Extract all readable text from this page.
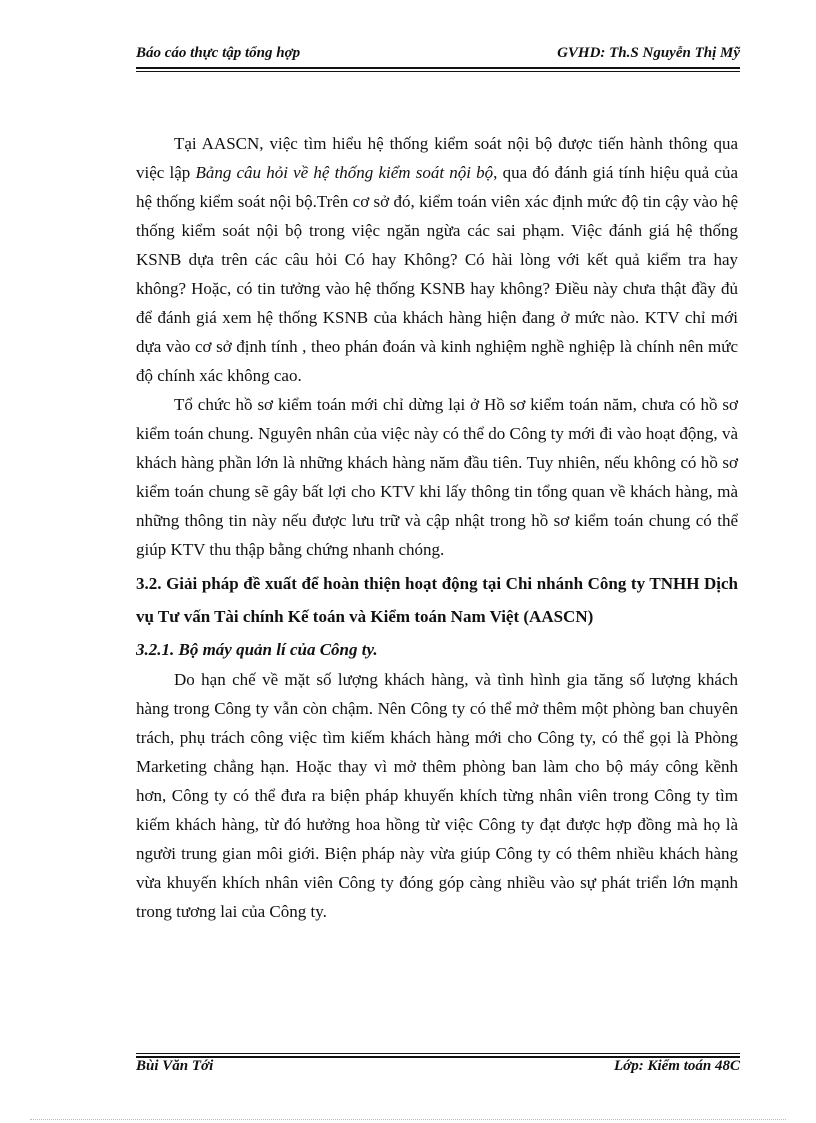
Báo cáo thực tập tổng hợp	GVHD: Th.S Nguyễn Thị Mỹ

Tại AASCN, việc tìm hiểu hệ thống kiểm soát nội bộ được tiến hành thông qua việc lập Bảng câu hỏi về hệ thống kiểm soát nội bộ, qua đó đánh giá tính hiệu quả của hệ thống kiểm soát nội bộ.Trên cơ sở đó, kiểm toán viên xác định mức độ tin cậy vào hệ thống kiểm soát nội bộ trong việc ngăn ngừa các sai phạm. Việc đánh giá hệ thống KSNB dựa trên các câu hỏi Có hay Không? Có hài lòng với kết quả kiểm tra hay không? Hoặc, có tin tưởng vào hệ thống KSNB hay không? Điều này chưa thật đầy đủ để đánh giá xem hệ thống KSNB của khách hàng hiện đang ở mức nào. KTV chỉ mới dựa vào cơ sở định tính , theo phán đoán và kinh nghiệm nghề nghiệp là chính nên mức độ chính xác không cao.

Tổ chức hồ sơ kiểm toán mới chỉ dừng lại ở Hồ sơ kiểm toán năm, chưa có hồ sơ kiểm toán chung. Nguyên nhân của việc này có thể do Công ty mới đi vào hoạt động, và khách hàng phần lớn là những khách hàng năm đầu tiên. Tuy nhiên, nếu không có hồ sơ kiểm toán chung sẽ gây bất lợi cho KTV khi lấy thông tin tổng quan về khách hàng, mà những thông tin này nếu được lưu trữ và cập nhật trong hồ sơ kiểm toán chung có thể giúp KTV thu thập bằng chứng nhanh chóng.

3.2. Giải pháp đề xuất để hoàn thiện hoạt động tại Chi nhánh Công ty TNHH Dịch vụ Tư vấn Tài chính Kế toán và Kiểm toán Nam Việt (AASCN)
3.2.1. Bộ máy quản lí của Công ty.

Do hạn chế về mặt số lượng khách hàng, và tình hình gia tăng số lượng khách hàng trong Công ty vẫn còn chậm. Nên Công ty có thể mở thêm một phòng ban chuyên trách, phụ trách công việc tìm kiếm khách hàng mới cho Công ty, có thể gọi là Phòng Marketing chẳng hạn. Hoặc thay vì mở thêm phòng ban làm cho bộ máy công kềnh hơn, Công ty có thể đưa ra biện pháp khuyến khích từng nhân viên trong Công ty tìm kiếm khách hàng, từ đó hưởng hoa hồng từ việc Công ty đạt được hợp đồng mà họ là người trung gian môi giới. Biện pháp này vừa giúp Công ty có thêm nhiều khách hàng vừa khuyến khích nhân viên Công ty đóng góp càng nhiều vào sự phát triển lớn mạnh trong tương lai của Công ty.

Bùi Văn Tới	Lớp: Kiểm toán 48C
